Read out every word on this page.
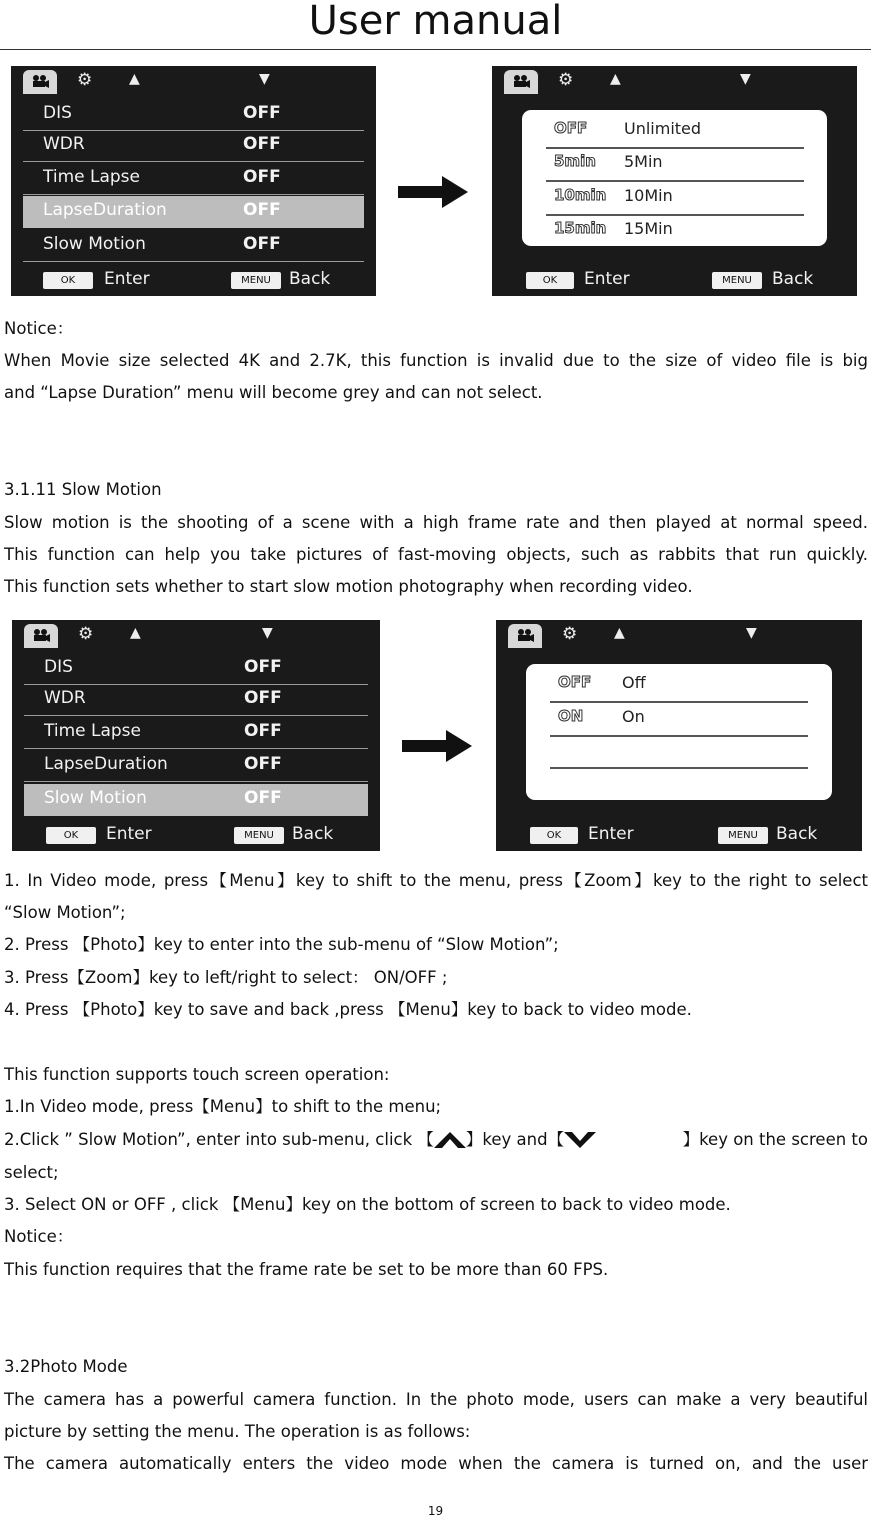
User manual
⚙	▲	▼
DIS	OFF
WDR	OFF
Time Lapse	OFF
LapseDuration	OFF
Slow Motion	OFF
OK	Enter	MENU	Back
⚙	▲	▼
OFF Unlimited
5min 5Min
10min 10Min
15min 15Min
OK	Enter	MENU	Back
Notice：
When Movie size selected 4K and 2.7K, this function is invalid due to the size of video file is big
and “Lapse Duration” menu will become grey and can not select.
3.1.11 Slow Motion
Slow motion is the shooting of a scene with a high frame rate and then played at normal speed.
This function can help you take pictures of fast-moving objects, such as rabbits that run quickly.
This function sets whether to start slow motion photography when recording video.
⚙	▲	▼
DIS	OFF
WDR	OFF
Time Lapse	OFF
LapseDuration	OFF
Slow Motion	OFF
OK	Enter	MENU	Back
⚙	▲	▼
OFF Off
ON On
OK	Enter	MENU	Back
1. In Video mode, press【Menu】key to shift to the menu, press【Zoom】key to the right to select
“Slow Motion”;
2. Press 【Photo】key to enter into the sub-menu of “Slow Motion”;
3. Press【Zoom】key to left/right to select： ON/OFF ;
4. Press 【Photo】key to save and back ,press 【Menu】key to back to video mode.
This function supports touch screen operation:
1.In Video mode, press【Menu】to shift to the menu;
2.Click ” Slow Motion”, enter into sub-menu, click 【 】key and【	】key on the screen to
select;
3. Select ON or OFF , click 【Menu】key on the bottom of screen to back to video mode.
Notice：
This function requires that the frame rate be set to be more than 60 FPS.
3.2Photo Mode
The camera has a powerful camera function. In the photo mode, users can make a very beautiful
picture by setting the menu. The operation is as follows:
The camera automatically enters the video mode when the camera is turned on, and the user
19
